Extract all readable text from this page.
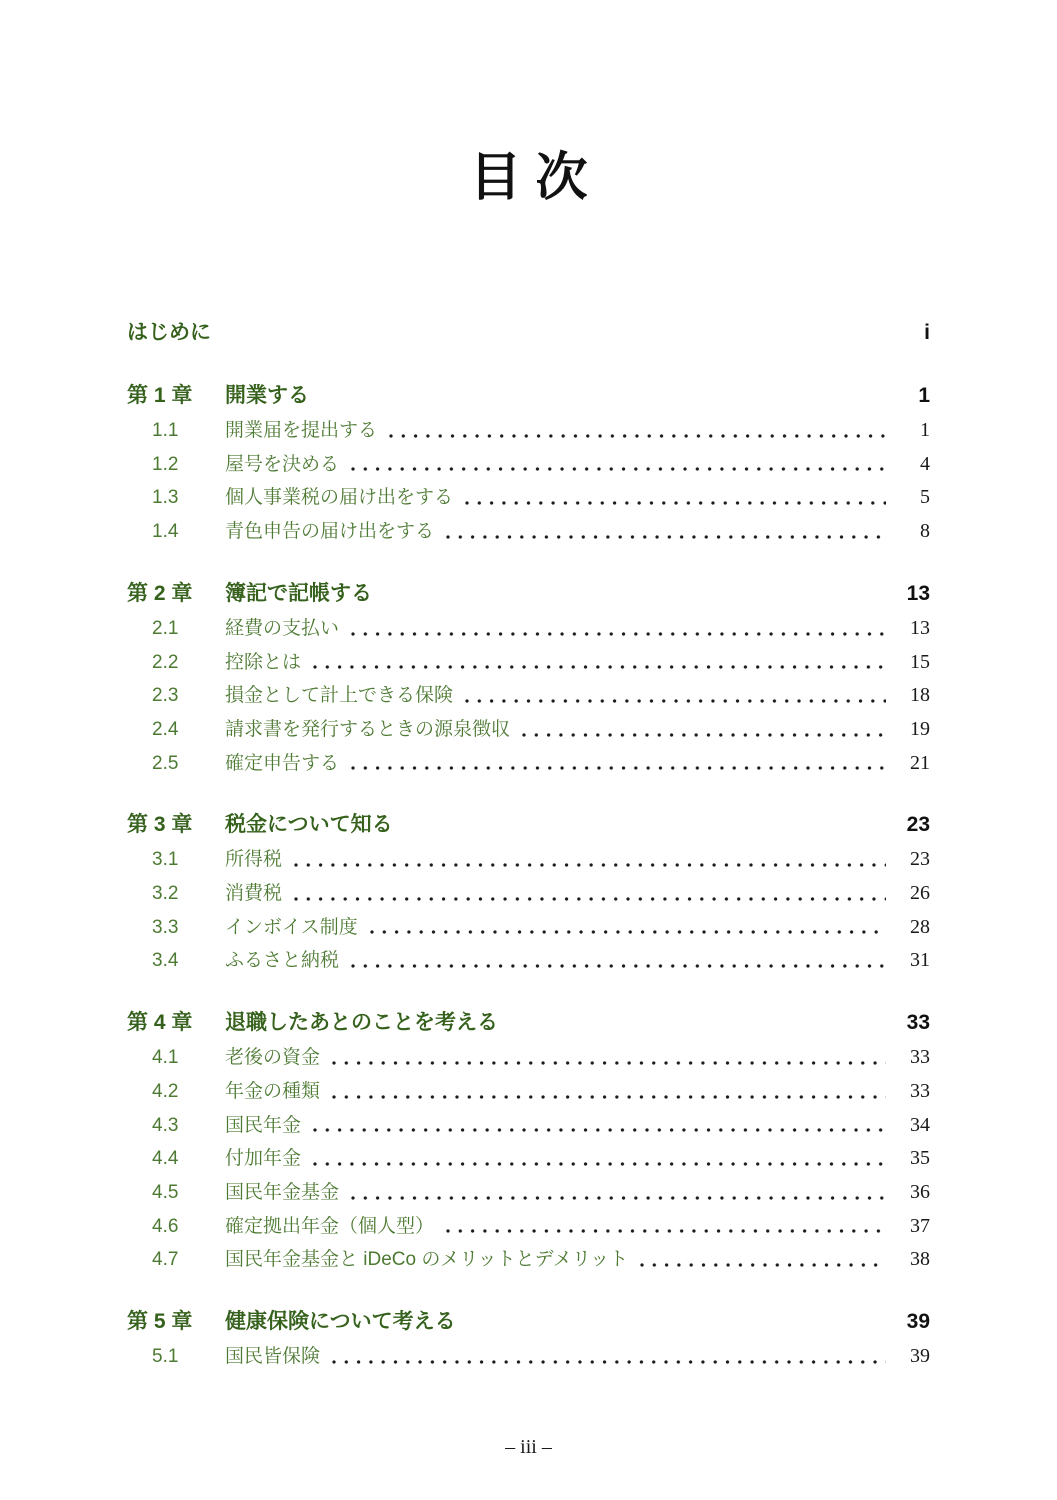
目次
はじめに	i
第 1 章	開業する	1
1.1	開業届を提出する	1
1.2	屋号を決める	4
1.3	個人事業税の届け出をする	5
1.4	青色申告の届け出をする	8
第 2 章	簿記で記帳する	13
2.1	経費の支払い	13
2.2	控除とは	15
2.3	損金として計上できる保険	18
2.4	請求書を発行するときの源泉徴収	19
2.5	確定申告する	21
第 3 章	税金について知る	23
3.1	所得税	23
3.2	消費税	26
3.3	インボイス制度	28
3.4	ふるさと納税	31
第 4 章	退職したあとのことを考える	33
4.1	老後の資金	33
4.2	年金の種類	33
4.3	国民年金	34
4.4	付加年金	35
4.5	国民年金基金	36
4.6	確定拠出年金（個人型）	37
4.7	国民年金基金と iDeCo のメリットとデメリット	38
第 5 章	健康保険について考える	39
5.1	国民皆保険	39
– iii –
